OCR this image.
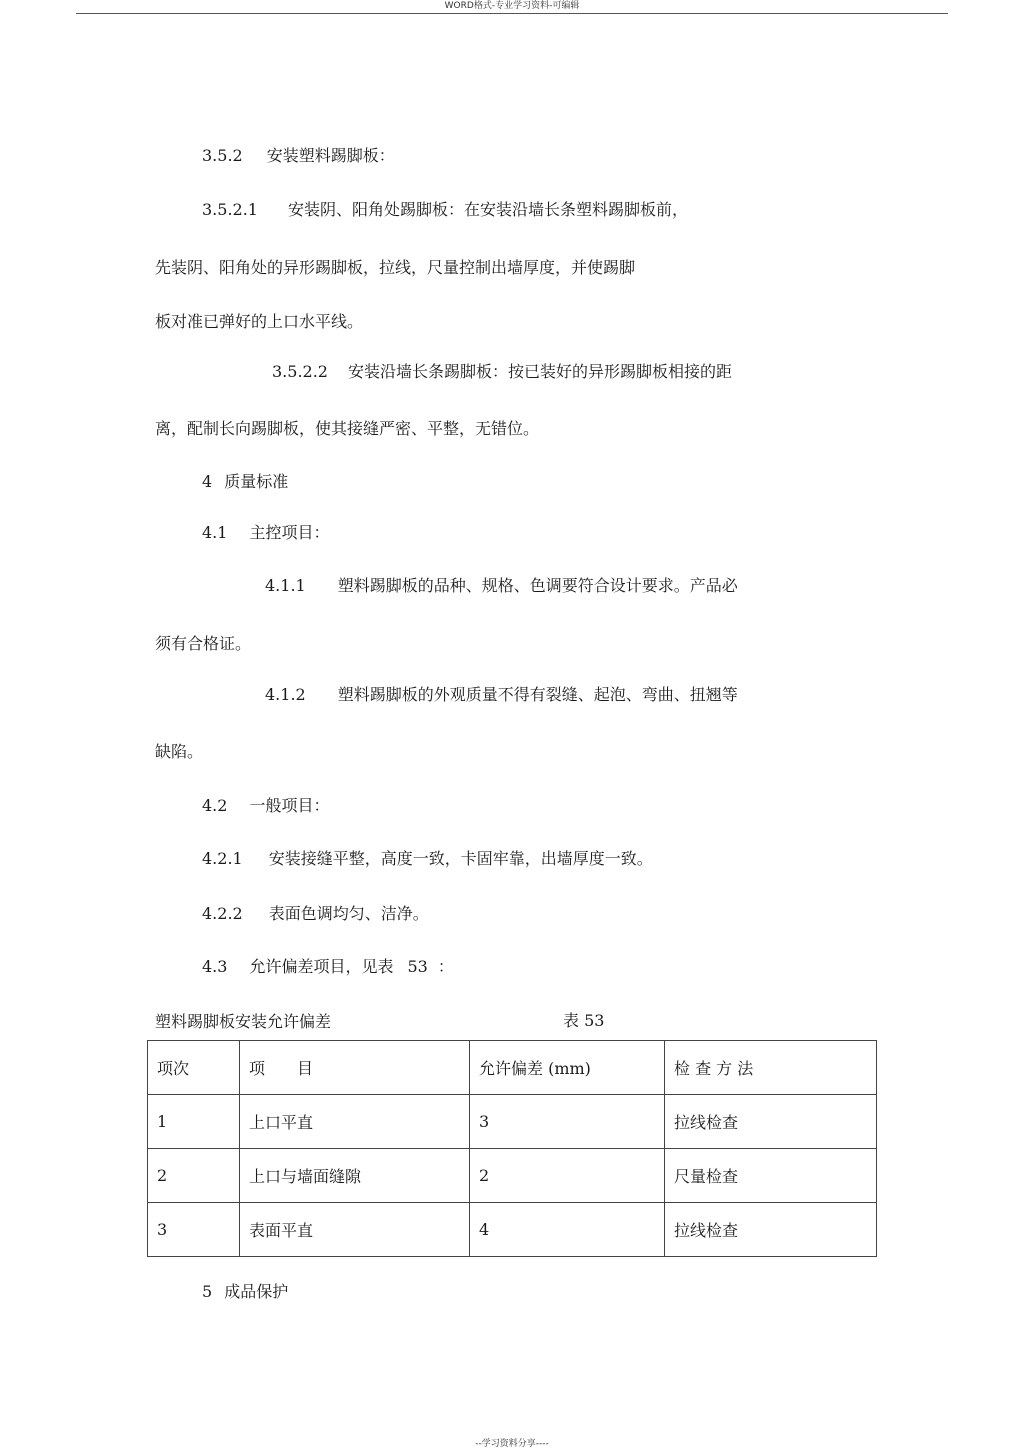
WORD格式-专业学习资料-可编辑
3.5.2 安装塑料踢脚板：
3.5.2.1 安装阴、阳角处踢脚板：在安装沿墙长条塑料踢脚板前，
先装阴、阳角处的异形踢脚板，拉线，尺量控制出墙厚度，并使踢脚
板对准已弹好的上口水平线。
3.5.2.2 安装沿墙长条踢脚板：按已装好的异形踢脚板相接的距
离，配制长向踢脚板，使其接缝严密、平整，无错位。
4 质量标准
4.1 主控项目：
4.1.1 塑料踢脚板的品种、规格、色调要符合设计要求。产品必
须有合格证。
4.1.2 塑料踢脚板的外观质量不得有裂缝、起泡、弯曲、扭翘等
缺陷。
4.2 一般项目：
4.2.1 安装接缝平整，高度一致，卡固牢靠，出墙厚度一致。
4.2.2 表面色调均匀、洁净。
4.3 允许偏差项目，见表 53 ：
塑料踢脚板安装允许偏差	表 53
项次	项　　目	允许偏差 (mm)	检 查 方 法
1	上口平直	3	拉线检查
2	上口与墙面缝隙	2	尺量检查
3	表面平直	4	拉线检查
5 成品保护
--学习资料分享----
